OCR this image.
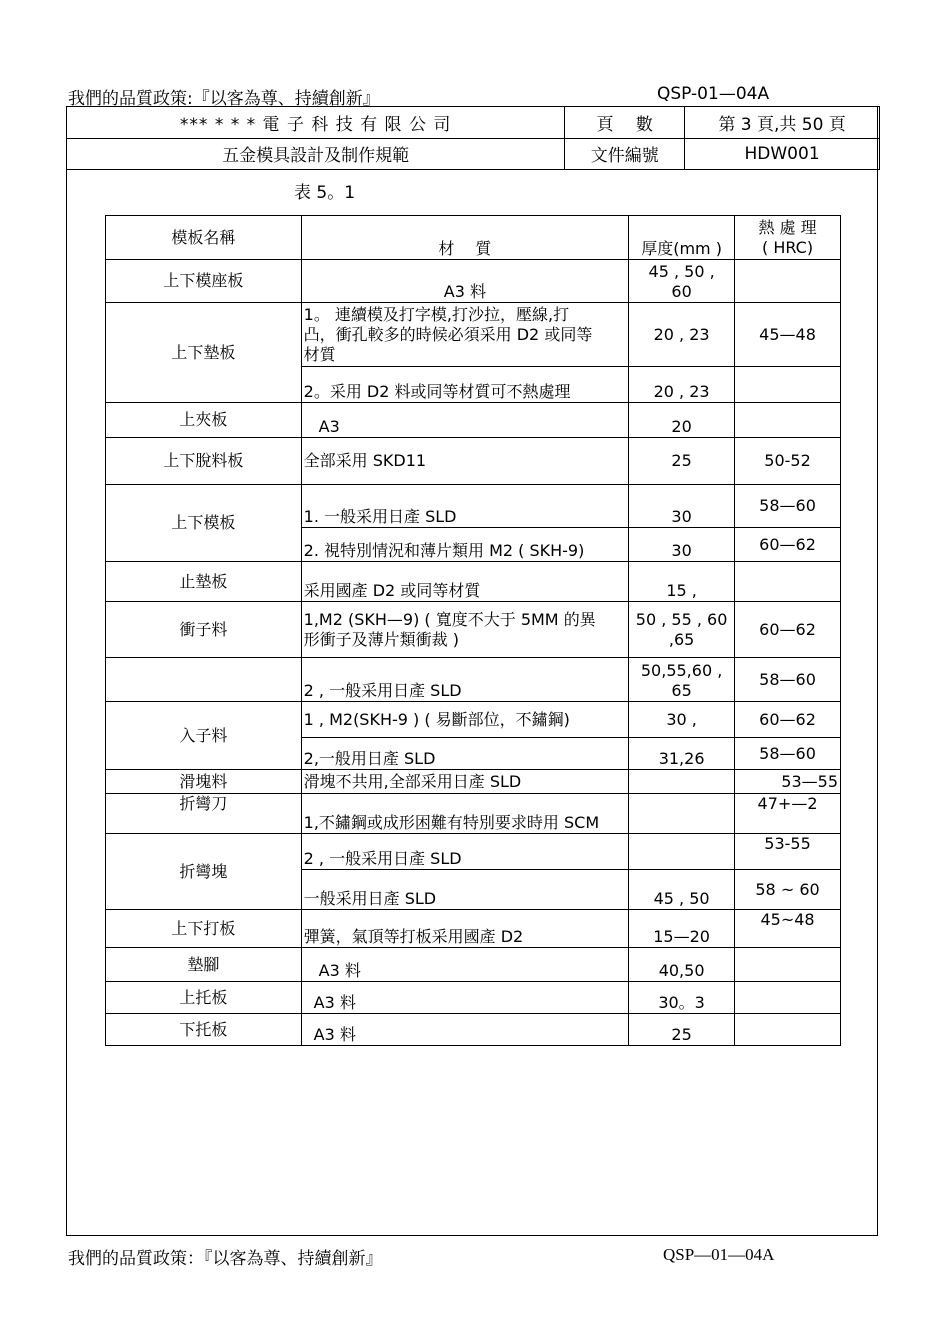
我們的品質政策:『以客為尊、持續創新』	QSP-01—04A
*** * * * 電 子 科 技 有 限 公 司	頁　 數	第 3 頁,共 50 頁
五金模具設計及制作規範	文件編號	HDW001
表 5。1
模板名稱	材　 質	厚度(mm )	熱 處 理
( HRC)
上下模座板	A3 料	45 , 50 ,
60	
上下墊板	1。 連續模及打字模,打沙拉，壓線,打
凸，衝孔較多的時候必須采用 D2 或同等
材質	20 , 23	45—48
	2。采用 D2 料或同等材質可不熱處理	20 , 23	
上夾板	A3	20	
上下脫料板	全部采用 SKD11	25	50-52
上下模板	1. 一般采用日產 SLD	30	58—60
	2. 視特別情況和薄片類用 M2 ( SKH-9)	30	60—62
止墊板	采用國產 D2 或同等材質	15 ,	
衝子料	1,M2 (SKH—9) ( 寬度不大于 5MM 的異
形衝子及薄片類衝裁 )	50 , 55 , 60
,65	60—62
	2 , 一般采用日產 SLD	50,55,60 ,
65	58—60
入子料	1 , M2(SKH-9 ) ( 易斷部位，不鏽鋼)	30 ,	60—62
	2,一般用日產 SLD	31,26	58—60
滑塊料	滑塊不共用,全部采用日產 SLD		53—55
折彎刀	1,不鏽鋼或成形困難有特別要求時用 SCM		47+—2
折彎塊	2 , 一般采用日產 SLD		53-55
	一般采用日產 SLD	45 , 50	58 ~ 60
上下打板	彈簧，氣頂等打板采用國產 D2	15—20	45~48
墊腳	A3 料	40,50	
上托板	A3 料	30。3	
下托板	A3 料	25	
我們的品質政策：『以客為尊、持續創新』	QSP—01—04A
